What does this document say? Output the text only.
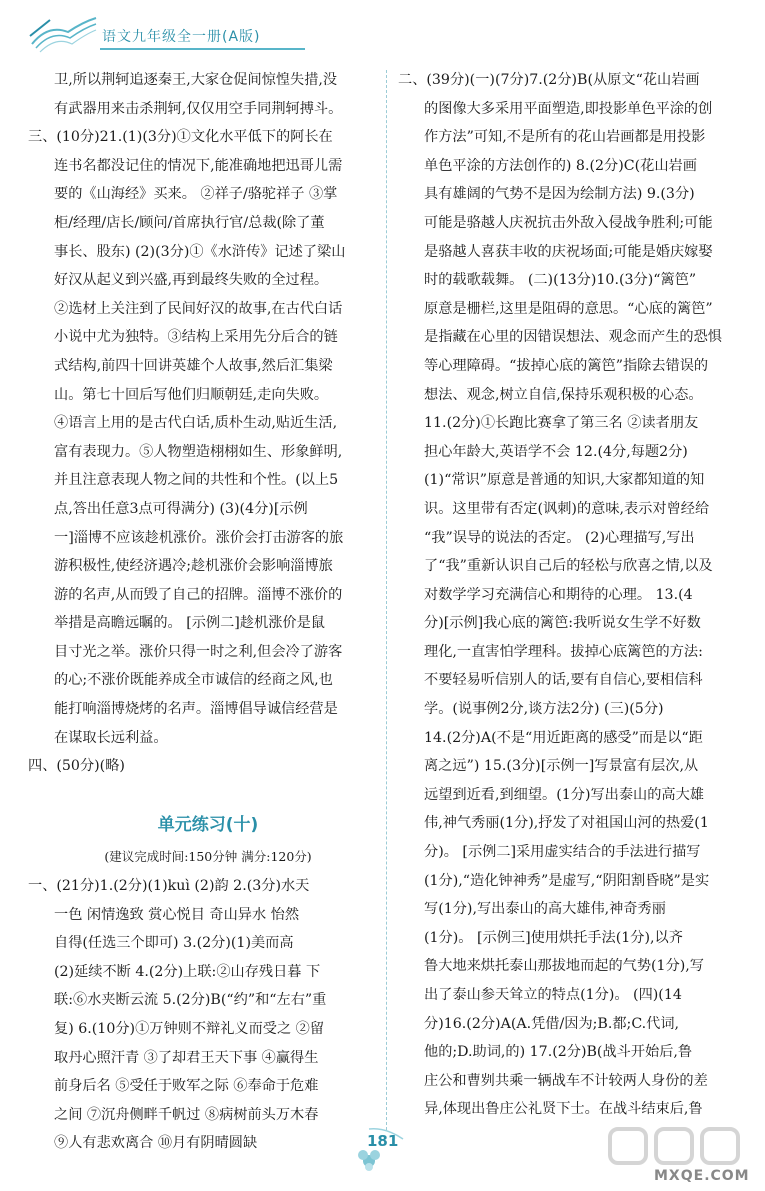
语文九年级全一册(A版)

卫,所以荆轲追逐秦王,大家仓促间惊惶失措,没

有武器用来击杀荆轲,仅仅用空手同荆轲搏斗。

三、(10分)21.(1)(3分)①文化水平低下的阿长在

连书名都没记住的情况下,能准确地把迅哥儿需

要的《山海经》买来。 ②祥子/骆驼祥子 ③掌

柜/经理/店长/顾问/首席执行官/总裁(除了董

事长、股东) (2)(3分)①《水浒传》记述了梁山

好汉从起义到兴盛,再到最终失败的全过程。

②选材上关注到了民间好汉的故事,在古代白话

小说中尤为独特。③结构上采用先分后合的链

式结构,前四十回讲英雄个人故事,然后汇集梁

山。第七十回后写他们归顺朝廷,走向失败。

④语言上用的是古代白话,质朴生动,贴近生活,

富有表现力。⑤人物塑造栩栩如生、形象鲜明,

并且注意表现人物之间的共性和个性。(以上5

点,答出任意3点可得满分) (3)(4分)[示例

一]淄博不应该趁机涨价。涨价会打击游客的旅

游积极性,使经济遇冷;趁机涨价会影响淄博旅

游的名声,从而毁了自己的招牌。淄博不涨价的

举措是高瞻远瞩的。 [示例二]趁机涨价是鼠

目寸光之举。涨价只得一时之利,但会冷了游客

的心;不涨价既能养成全市诚信的经商之风,也

能打响淄博烧烤的名声。淄博倡导诚信经营是

在谋取长远利益。

四、(50分)(略)

单元练习(十)

(建议完成时间:150分钟 满分:120分)

一、(21分)1.(2分)(1)kuì (2)韵 2.(3分)水天

一色 闲情逸致 赏心悦目 奇山异水 怡然

自得(任选三个即可) 3.(2分)(1)美而高

(2)延续不断 4.(2分)上联:②山存残日暮 下

联:⑥水夹断云流 5.(2分)B(“约”和“左右”重

复) 6.(10分)①万钟则不辩礼义而受之 ②留

取丹心照汗青 ③了却君王天下事 ④赢得生

前身后名 ⑤受任于败军之际 ⑥奉命于危难

之间 ⑦沉舟侧畔千帆过 ⑧病树前头万木春

⑨人有悲欢离合 ⑩月有阴晴圆缺

二、(39分)(一)(7分)7.(2分)B(从原文“花山岩画

的图像大多采用平面塑造,即投影单色平涂的创

作方法”可知,不是所有的花山岩画都是用投影

单色平涂的方法创作的) 8.(2分)C(花山岩画

具有雄阔的气势不是因为绘制方法) 9.(3分)

可能是骆越人庆祝抗击外敌入侵战争胜利;可能

是骆越人喜获丰收的庆祝场面;可能是婚庆嫁娶

时的载歌载舞。 (二)(13分)10.(3分)“篱笆”

原意是栅栏,这里是阻碍的意思。“心底的篱笆”

是指藏在心里的因错误想法、观念而产生的恐惧

等心理障碍。“拔掉心底的篱笆”指除去错误的

想法、观念,树立自信,保持乐观积极的心态。

11.(2分)①长跑比赛拿了第三名 ②读者朋友

担心年龄大,英语学不会 12.(4分,每题2分)

(1)“常识”原意是普通的知识,大家都知道的知

识。这里带有否定(讽刺)的意味,表示对曾经给

“我”误导的说法的否定。 (2)心理描写,写出

了“我”重新认识自己后的轻松与欣喜之情,以及

对数学学习充满信心和期待的心理。 13.(4

分)[示例]我心底的篱笆:我听说女生学不好数

理化,一直害怕学理科。拔掉心底篱笆的方法:

不要轻易听信别人的话,要有自信心,要相信科

学。(说事例2分,谈方法2分) (三)(5分)

14.(2分)A(不是“用近距离的感受”而是以“距

离之远”) 15.(3分)[示例一]写景富有层次,从

远望到近看,到细望。(1分)写出泰山的高大雄

伟,神气秀丽(1分),抒发了对祖国山河的热爱(1

分)。 [示例二]采用虚实结合的手法进行描写

(1分),“造化钟神秀”是虚写,“阴阳割昏晓”是实

写(1分),写出泰山的高大雄伟,神奇秀丽

(1分)。 [示例三]使用烘托手法(1分),以齐

鲁大地来烘托泰山那拔地而起的气势(1分),写

出了泰山参天耸立的特点(1分)。 (四)(14

分)16.(2分)A(A.凭借/因为;B.都;C.代词,

他的;D.助词,的) 17.(2分)B(战斗开始后,鲁

庄公和曹刿共乘一辆战车不计较两人身份的差

异,体现出鲁庄公礼贤下士。在战斗结束后,鲁

181
MXQE.COM
